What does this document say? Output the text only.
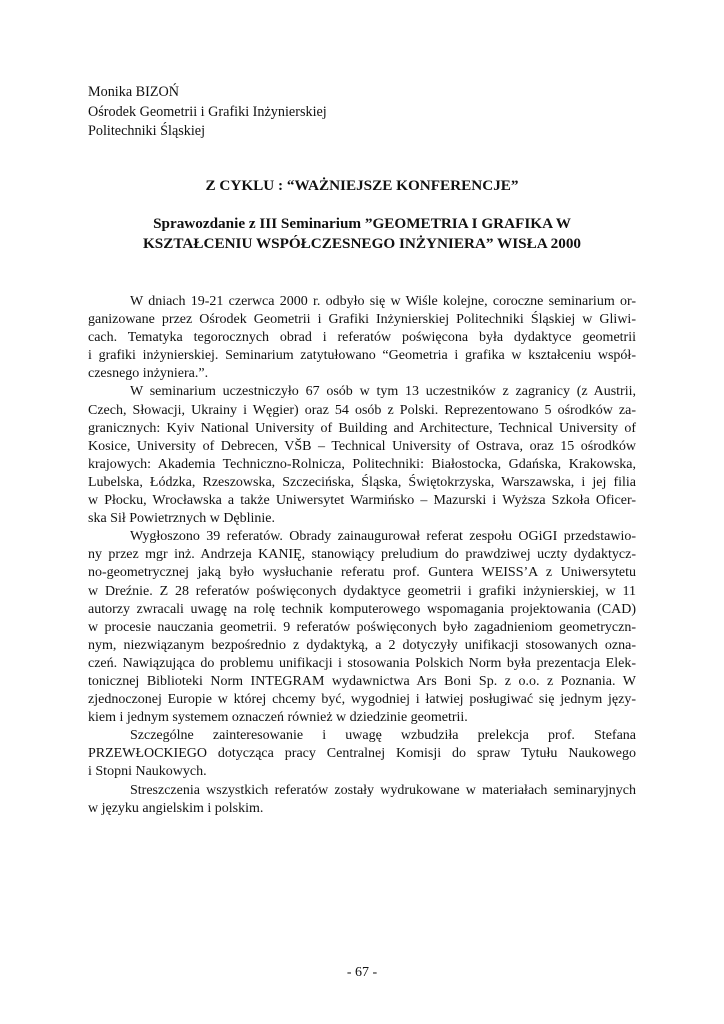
Monika BIZOŃ
Ośrodek Geometrii i Grafiki Inżynierskiej
Politechniki Śląskiej
Z CYKLU : “WAŻNIEJSZE KONFERENCJE”
Sprawozdanie z III Seminarium ”GEOMETRIA I GRAFIKA W
KSZTAŁCENIU WSPÓŁCZESNEGO INŻYNIERA” WISŁA 2000
W dniach 19-21 czerwca 2000 r. odbyło się w Wiśle kolejne, coroczne seminarium or-
ganizowane przez Ośrodek Geometrii i Grafiki Inżynierskiej Politechniki Śląskiej w Gliwi-
cach. Tematyka tegorocznych obrad i referatów poświęcona była dydaktyce geometrii
i grafiki inżynierskiej. Seminarium zatytułowano “Geometria i grafika w kształceniu współ-
czesnego inżyniera.”.
W seminarium uczestniczyło 67 osób w tym 13 uczestników z zagranicy (z Austrii,
Czech, Słowacji, Ukrainy i Węgier) oraz 54 osób z Polski. Reprezentowano 5 ośrodków za-
granicznych: Kyiv National University of Building and Architecture, Technical University of
Kosice, University of Debrecen, VŠB – Technical University of Ostrava, oraz 15 ośrodków
krajowych: Akademia Techniczno-Rolnicza, Politechniki: Białostocka, Gdańska, Krakowska,
Lubelska, Łódzka, Rzeszowska, Szczecińska, Śląska, Świętokrzyska, Warszawska, i jej filia
w Płocku, Wrocławska a także Uniwersytet Warmińsko – Mazurski i Wyższa Szkoła Oficer-
ska Sił Powietrznych w Dęblinie.
Wygłoszono 39 referatów. Obrady zainaugurował referat zespołu OGiGI przedstawio-
ny przez mgr inż. Andrzeja KANIĘ, stanowiący preludium do prawdziwej uczty dydaktycz-
no-geometrycznej jaką było wysłuchanie referatu prof. Guntera WEISS’A z Uniwersytetu
w Dreźnie. Z 28 referatów poświęconych dydaktyce geometrii i grafiki inżynierskiej, w 11
autorzy zwracali uwagę na rolę technik komputerowego wspomagania projektowania (CAD)
w procesie nauczania geometrii. 9 referatów poświęconych było zagadnieniom geometryczn-
nym, niezwiązanym bezpośrednio z dydaktyką, a 2 dotyczyły unifikacji stosowanych ozna-
czeń. Nawiązująca do problemu unifikacji i stosowania Polskich Norm była prezentacja Elek-
tonicznej Biblioteki Norm INTEGRAM wydawnictwa Ars Boni Sp. z o.o. z Poznania. W
zjednoczonej Europie w której chcemy być, wygodniej i łatwiej posługiwać się jednym języ-
kiem i jednym systemem oznaczeń również w dziedzinie geometrii.
Szczególne zainteresowanie i uwagę wzbudziła prelekcja prof. Stefana
PRZEWŁOCKIEGO dotycząca pracy Centralnej Komisji do spraw Tytułu Naukowego
i Stopni Naukowych.
Streszczenia wszystkich referatów zostały wydrukowane w materiałach seminaryjnych
w języku angielskim i polskim.
- 67 -
